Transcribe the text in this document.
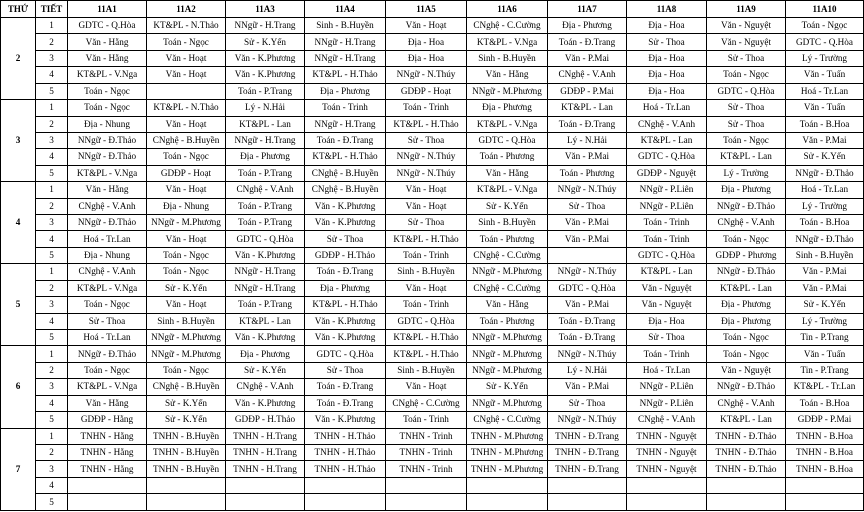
THỨ	TIẾT	11A1	11A2	11A3	11A4	11A5	11A6	11A7	11A8	11A9	11A10
2	1	GDTC - Q.Hòa	KT&PL - N.Thảo	NNgữ - H.Trang	Sinh - B.Huyền	Văn - Hoạt	CNghệ - C.Cường	Địa - Phương	Địa - Hoa	Văn - Nguyệt	Toán - Ngọc
	2	Văn - Hằng	Toán - Ngọc	Sử - K.Yến	NNgữ - H.Trang	Địa - Hoa	KT&PL - V.Nga	Toán - Đ.Trang	Sử - Thoa	Văn - Nguyệt	GDTC - Q.Hòa
	3	Văn - Hằng	Văn - Hoạt	Văn - K.Phương	NNgữ - H.Trang	Địa - Hoa	Sinh - B.Huyền	Văn - P.Mai	Địa - Hoa	Sử - Thoa	Lý - Trường
	4	KT&PL - V.Nga	Văn - Hoạt	Văn - K.Phương	KT&PL - H.Thảo	NNgữ - N.Thúy	Văn - Hằng	CNghệ - V.Anh	Địa - Hoa	Toán - Ngọc	Văn - Tuấn
	5	Toán - Ngọc		Toán - P.Trang	Địa - Phương	GDĐP - Hoạt	NNgữ - M.Phương	GDĐP - P.Mai	Địa - Hoa	GDTC - Q.Hòa	Hoá - Tr.Lan
3	1	Toán - Ngọc	KT&PL - N.Thảo	Lý - N.Hải	Toán - Trinh	Toán - Trinh	Địa - Phương	KT&PL - Lan	Hoá - Tr.Lan	Sử - Thoa	Văn - Tuấn
	2	Địa - Nhung	Văn - Hoạt	KT&PL - Lan	NNgữ - H.Trang	KT&PL - H.Thảo	KT&PL - V.Nga	Toán - Đ.Trang	CNghệ - V.Anh	Sử - Thoa	Toán - B.Hoa
	3	NNgữ - Đ.Thảo	CNghệ - B.Huyền	NNgữ - H.Trang	Toán - Đ.Trang	Sử - Thoa	GDTC - Q.Hòa	Lý - N.Hải	KT&PL - Lan	Toán - Ngọc	Văn - P.Mai
	4	NNgữ - Đ.Thảo	Toán - Ngọc	Địa - Phương	KT&PL - H.Thảo	NNgữ - N.Thúy	Toán - Phương	Văn - P.Mai	GDTC - Q.Hòa	KT&PL - Lan	Sử - K.Yến
	5	KT&PL - V.Nga	GDĐP - Hoạt	Toán - P.Trang	CNghệ - B.Huyền	NNgữ - N.Thúy	Văn - Hằng	Toán - Phương	GDĐP - Nguyệt	Lý - Trường	NNgữ - Đ.Thảo
4	1	Văn - Hằng	Văn - Hoạt	CNghệ - V.Anh	CNghệ - B.Huyền	Văn - Hoạt	KT&PL - V.Nga	NNgữ - N.Thúy	NNgữ - P.Liên	Địa - Phương	Hoá - Tr.Lan
	2	CNghệ - V.Anh	Địa - Nhung	Toán - P.Trang	Văn - K.Phương	Văn - Hoạt	Sử - K.Yến	Sử - Thoa	NNgữ - P.Liên	NNgữ - Đ.Thảo	Lý - Trường
	3	NNgữ - Đ.Thảo	NNgữ - M.Phương	Toán - P.Trang	Văn - K.Phương	Sử - Thoa	Sinh - B.Huyền	Văn - P.Mai	Toán - Trinh	CNghệ - V.Anh	Toán - B.Hoa
	4	Hoá - Tr.Lan	Văn - Hoạt	GDTC - Q.Hòa	Sử - Thoa	KT&PL - H.Thảo	Toán - Phương	Văn - P.Mai	Toán - Trinh	Toán - Ngọc	NNgữ - Đ.Thảo
	5	Địa - Nhung	Toán - Ngọc	Văn - K.Phương	GDĐP - H.Thảo	Toán - Trinh	CNghệ - C.Cường		GDTC - Q.Hòa	GDĐP - Phương	Sinh - B.Huyền
5	1	CNghệ - V.Anh	Toán - Ngọc	NNgữ - H.Trang	Toán - Đ.Trang	Sinh - B.Huyền	NNgữ - M.Phương	NNgữ - N.Thúy	KT&PL - Lan	NNgữ - Đ.Thảo	Văn - P.Mai
	2	KT&PL - V.Nga	Sử - K.Yến	NNgữ - H.Trang	Địa - Phương	Văn - Hoạt	CNghệ - C.Cường	GDTC - Q.Hòa	Văn - Nguyệt	KT&PL - Lan	Văn - P.Mai
	3	Toán - Ngọc	Văn - Hoạt	Toán - P.Trang	KT&PL - H.Thảo	Toán - Trinh	Văn - Hằng	Văn - P.Mai	Văn - Nguyệt	Địa - Phương	Sử - K.Yến
	4	Sử - Thoa	Sinh - B.Huyền	KT&PL - Lan	Văn - K.Phương	GDTC - Q.Hòa	Toán - Phương	Toán - Đ.Trang	Địa - Hoa	Địa - Phương	Lý - Trường
	5	Hoá - Tr.Lan	NNgữ - M.Phương	Văn - K.Phương	Văn - K.Phương	KT&PL - H.Thảo	NNgữ - M.Phương	Toán - Đ.Trang	Sử - Thoa	Toán - Ngọc	Tin - P.Trang
6	1	NNgữ - Đ.Thảo	NNgữ - M.Phương	Địa - Phương	GDTC - Q.Hòa	KT&PL - H.Thảo	NNgữ - M.Phương	NNgữ - N.Thúy	Toán - Trinh	Toán - Ngọc	Văn - Tuấn
	2	Toán - Ngọc	Toán - Ngọc	Sử - K.Yến	Sử - Thoa	Sinh - B.Huyền	NNgữ - M.Phương	Lý - N.Hải	Hoá - Tr.Lan	Văn - Nguyệt	Tin - P.Trang
	3	KT&PL - V.Nga	CNghệ - B.Huyền	CNghệ - V.Anh	Toán - Đ.Trang	Văn - Hoạt	Sử - K.Yến	Văn - P.Mai	NNgữ - P.Liên	NNgữ - Đ.Thảo	KT&PL - Tr.Lan
	4	Văn - Hằng	Sử - K.Yến	Văn - K.Phương	Toán - Đ.Trang	CNghệ - C.Cường	NNgữ - M.Phương	Sử - Thoa	NNgữ - P.Liên	CNghệ - V.Anh	Toán - B.Hoa
	5	GDĐP - Hằng	Sử - K.Yến	GDĐP - H.Thảo	Văn - K.Phương	Toán - Trinh	CNghệ - C.Cường	NNgữ - N.Thúy	CNghệ - V.Anh	KT&PL - Lan	GDĐP - P.Mai
7	1	TNHN - Hằng	TNHN - B.Huyền	TNHN - H.Trang	TNHN - H.Thảo	TNHN - Trinh	TNHN - M.Phương	TNHN - Đ.Trang	TNHN - Nguyệt	TNHN - Đ.Thảo	TNHN - B.Hoa
	2	TNHN - Hằng	TNHN - B.Huyền	TNHN - H.Trang	TNHN - H.Thảo	TNHN - Trinh	TNHN - M.Phương	TNHN - Đ.Trang	TNHN - Nguyệt	TNHN - Đ.Thảo	TNHN - B.Hoa
	3	TNHN - Hằng	TNHN - B.Huyền	TNHN - H.Trang	TNHN - H.Thảo	TNHN - Trinh	TNHN - M.Phương	TNHN - Đ.Trang	TNHN - Nguyệt	TNHN - Đ.Thảo	TNHN - B.Hoa
	4										
	5										
